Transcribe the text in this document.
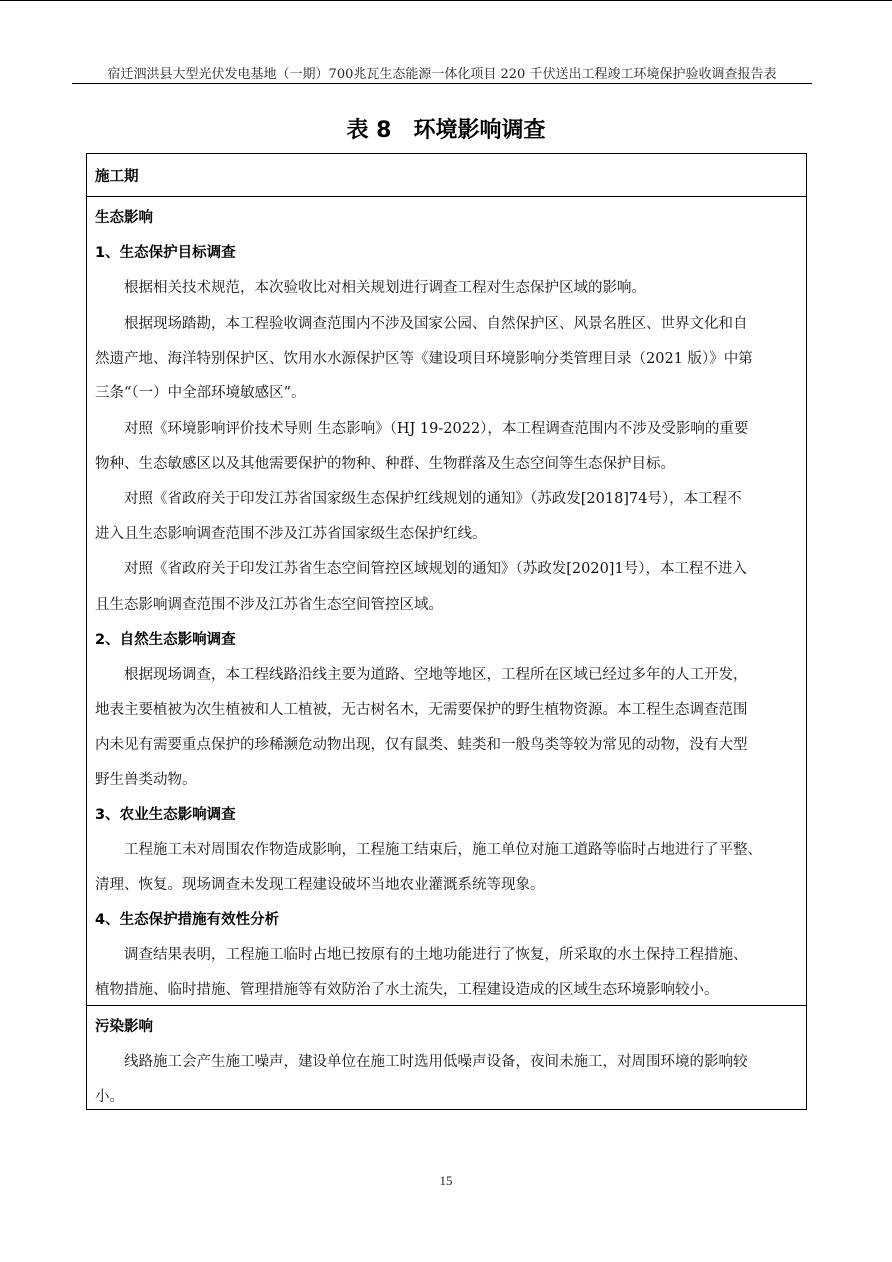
宿迁泗洪县大型光伏发电基地（一期）700兆瓦生态能源一体化项目 220 千伏送出工程竣工环境保护验收调查报告表
表 8　环境影响调查
施工期
生态影响
1、生态保护目标调查
根据相关技术规范，本次验收比对相关规划进行调查工程对生态保护区域的影响。
根据现场踏勘，本工程验收调查范围内不涉及国家公园、自然保护区、风景名胜区、世界文化和自
然遗产地、海洋特别保护区、饮用水水源保护区等《建设项目环境影响分类管理目录（2021 版）》中第
三条“（一）中全部环境敏感区”。
对照《环境影响评价技术导则 生态影响》（HJ 19-2022），本工程调查范围内不涉及受影响的重要
物种、生态敏感区以及其他需要保护的物种、种群、生物群落及生态空间等生态保护目标。
对照《省政府关于印发江苏省国家级生态保护红线规划的通知》（苏政发[2018]74号），本工程不
进入且生态影响调查范围不涉及江苏省国家级生态保护红线。
对照《省政府关于印发江苏省生态空间管控区域规划的通知》（苏政发[2020]1号），本工程不进入
且生态影响调查范围不涉及江苏省生态空间管控区域。
2、自然生态影响调查
根据现场调查，本工程线路沿线主要为道路、空地等地区，工程所在区域已经过多年的人工开发，
地表主要植被为次生植被和人工植被，无古树名木，无需要保护的野生植物资源。本工程生态调查范围
内未见有需要重点保护的珍稀濒危动物出现，仅有鼠类、蛙类和一般鸟类等较为常见的动物，没有大型
野生兽类动物。
3、农业生态影响调查
工程施工未对周围农作物造成影响，工程施工结束后，施工单位对施工道路等临时占地进行了平整、
清理、恢复。现场调查未发现工程建设破坏当地农业灌溉系统等现象。
4、生态保护措施有效性分析
调查结果表明，工程施工临时占地已按原有的土地功能进行了恢复，所采取的水土保持工程措施、
植物措施、临时措施、管理措施等有效防治了水土流失，工程建设造成的区域生态环境影响较小。
污染影响
线路施工会产生施工噪声，建设单位在施工时选用低噪声设备，夜间未施工，对周围环境的影响较
小。
15
